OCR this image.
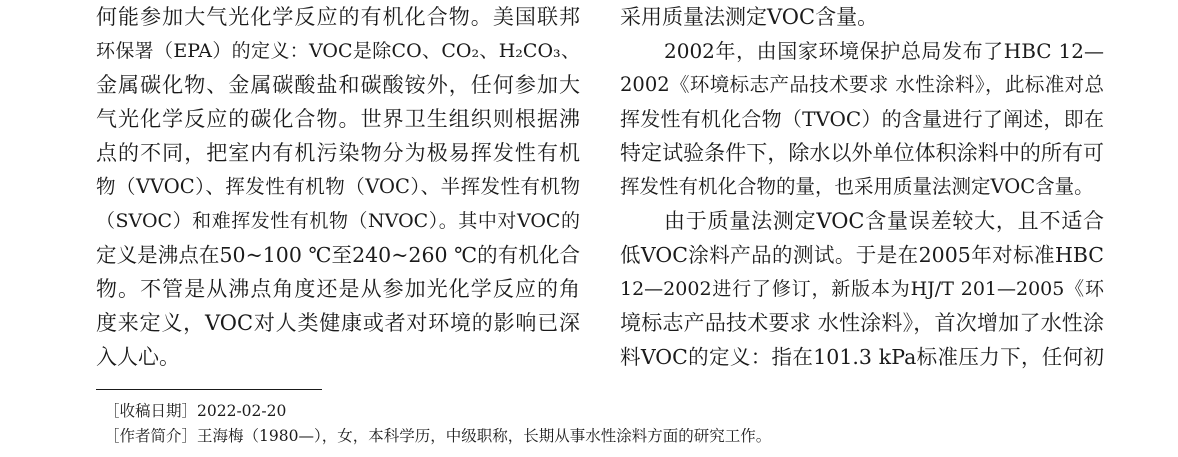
何能参加大气光化学反应的有机化合物。美国联邦
环保署（EPA）的定义：VOC是除CO、CO₂、H₂CO₃、
金属碳化物、金属碳酸盐和碳酸铵外，任何参加大
气光化学反应的碳化合物。世界卫生组织则根据沸
点的不同，把室内有机污染物分为极易挥发性有机
物（VVOC）、挥发性有机物（VOC）、半挥发性有机物
（SVOC）和难挥发性有机物（NVOC）。其中对VOC的
定义是沸点在50~100 ℃至240~260 ℃的有机化合
物。不管是从沸点角度还是从参加光化学反应的角
度来定义，VOC对人类健康或者对环境的影响已深
入人心。
采用质量法测定VOC含量。
2002年，由国家环境保护总局发布了HBC 12—
2002《环境标志产品技术要求 水性涂料》，此标准对总
挥发性有机化合物（TVOC）的含量进行了阐述，即在
特定试验条件下，除水以外单位体积涂料中的所有可
挥发性有机化合物的量，也采用质量法测定VOC含量。
由于质量法测定VOC含量误差较大，且不适合
低VOC涂料产品的测试。于是在2005年对标准HBC
12—2002进行了修订，新版本为HJ/T 201—2005《环
境标志产品技术要求 水性涂料》，首次增加了水性涂
料VOC的定义：指在101.3 kPa标准压力下，任何初
［收稿日期］2022-02-20
［作者简介］王海梅（1980—），女，本科学历，中级职称，长期从事水性涂料方面的研究工作。
